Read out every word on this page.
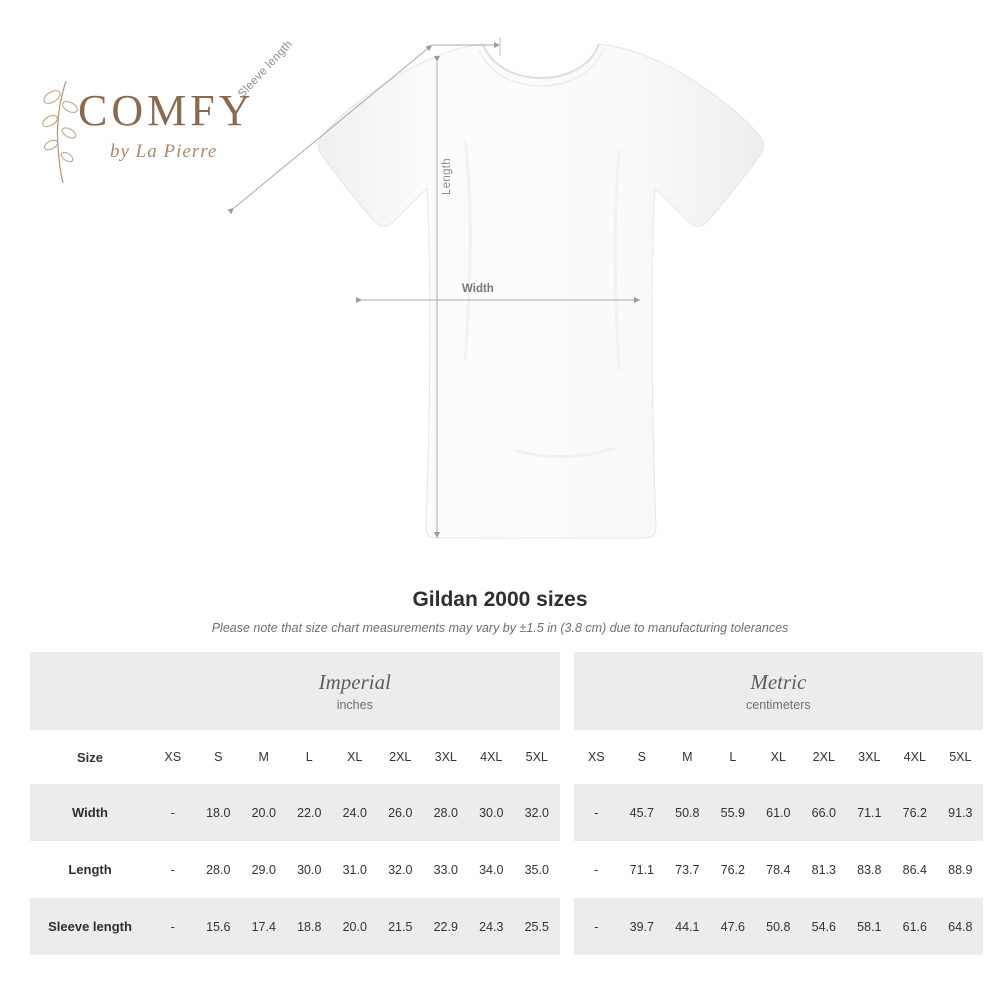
COMFY
by La Pierre
Sleeve length
Length
Width
Gildan 2000 sizes
Please note that size chart measurements may vary by ±1.5 in (3.8 cm) due to manufacturing tolerances

	Imperial
inches										Metric
centimeters								

Size	XS	S	M	L	XL	2XL	3XL	4XL	5XL		XS	S	M	L	XL	2XL	3XL	4XL	5XL
Width	-	18.0	20.0	22.0	24.0	26.0	28.0	30.0	32.0		-	45.7	50.8	55.9	61.0	66.0	71.1	76.2	91.3
Length	-	28.0	29.0	30.0	31.0	32.0	33.0	34.0	35.0		-	71.1	73.7	76.2	78.4	81.3	83.8	86.4	88.9
Sleeve length	-	15.6	17.4	18.8	20.0	21.5	22.9	24.3	25.5		-	39.7	44.1	47.6	50.8	54.6	58.1	61.6	64.8
